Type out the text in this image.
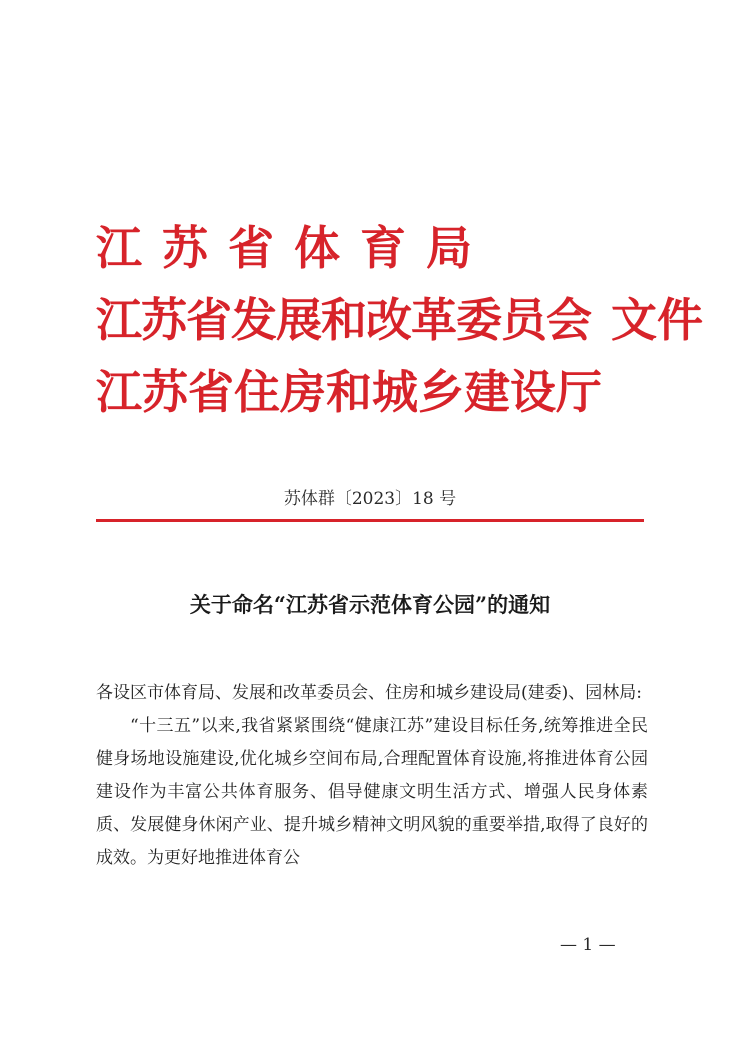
江苏省体育局
江苏省发展和改革委员会 文件
江苏省住房和城乡建设厅
苏体群〔2023〕18 号
关于命名“江苏省示范体育公园”的通知

各设区市体育局、发展和改革委员会、住房和城乡建设局(建委)、园林局:

“十三五”以来,我省紧紧围绕“健康江苏”建设目标任务,统筹推进全民健身场地设施建设,优化城乡空间布局,合理配置体育设施,将推进体育公园建设作为丰富公共体育服务、倡导健康文明生活方式、增强人民身体素质、发展健身休闲产业、提升城乡精神文明风貌的重要举措,取得了良好的成效。为更好地推进体育公

— 1 —
